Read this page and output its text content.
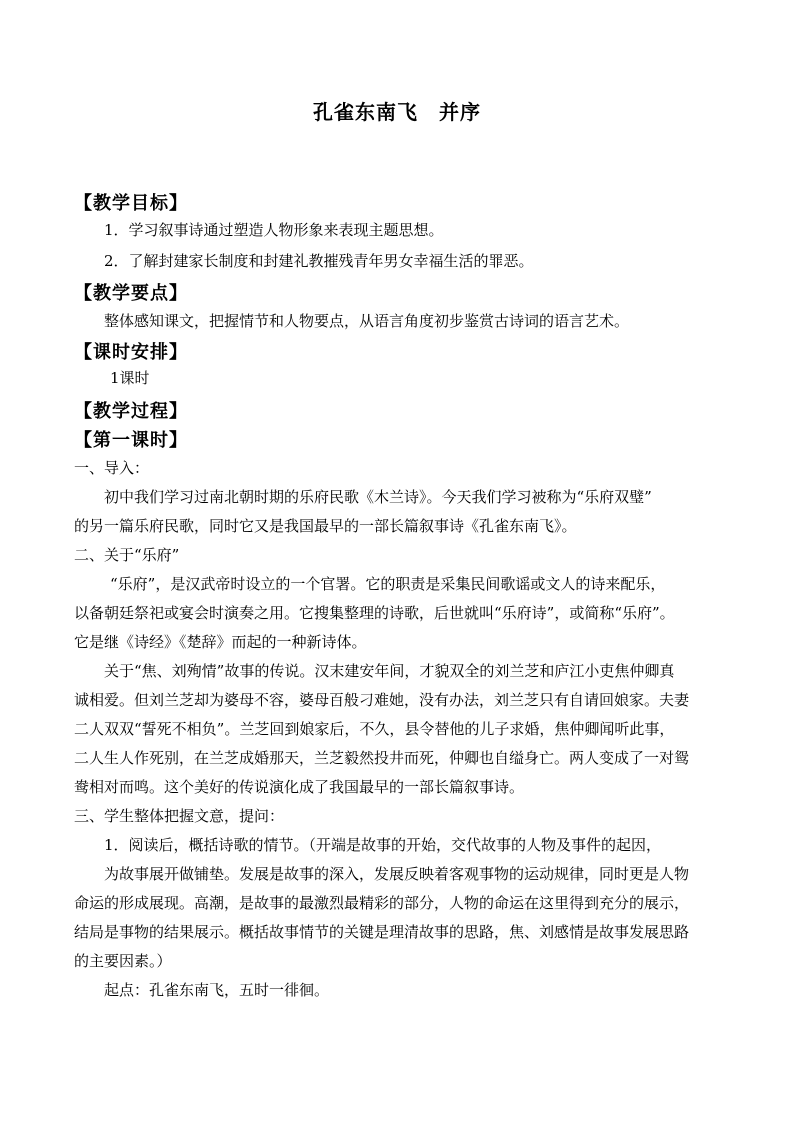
孔雀东南飞　并序
【教学目标】
1．学习叙事诗通过塑造人物形象来表现主题思想。
2．了解封建家长制度和封建礼教摧残青年男女幸福生活的罪恶。
【教学要点】
整体感知课文，把握情节和人物要点，从语言角度初步鉴赏古诗词的语言艺术。
【课时安排】
1课时
【教学过程】
【第一课时】
一、导入：
初中我们学习过南北朝时期的乐府民歌《木兰诗》。今天我们学习被称为“乐府双璧”
的另一篇乐府民歌，同时它又是我国最早的一部长篇叙事诗《孔雀东南飞》。
二、关于“乐府”
“乐府”，是汉武帝时设立的一个官署。它的职责是采集民间歌谣或文人的诗来配乐，
以备朝廷祭祀或宴会时演奏之用。它搜集整理的诗歌，后世就叫“乐府诗”，或简称“乐府”。
它是继《诗经》《楚辞》而起的一种新诗体。
关于“焦、刘殉情”故事的传说。汉末建安年间，才貌双全的刘兰芝和庐江小吏焦仲卿真
诚相爱。但刘兰芝却为婆母不容，婆母百般刁难她，没有办法，刘兰芝只有自请回娘家。夫妻
二人双双“誓死不相负”。兰芝回到娘家后，不久，县令替他的儿子求婚，焦仲卿闻听此事，
二人生人作死别，在兰芝成婚那天，兰芝毅然投井而死，仲卿也自缢身亡。两人变成了一对鸳
鸯相对而鸣。这个美好的传说演化成了我国最早的一部长篇叙事诗。
三、学生整体把握文意，提问：
1．阅读后，概括诗歌的情节。（开端是故事的开始，交代故事的人物及事件的起因，
为故事展开做铺垫。发展是故事的深入，发展反映着客观事物的运动规律，同时更是人物
命运的形成展现。高潮，是故事的最激烈最精彩的部分，人物的命运在这里得到充分的展示，
结局是事物的结果展示。概括故事情节的关键是理清故事的思路，焦、刘感情是故事发展思路
的主要因素。）
起点：孔雀东南飞，五时一徘徊。
